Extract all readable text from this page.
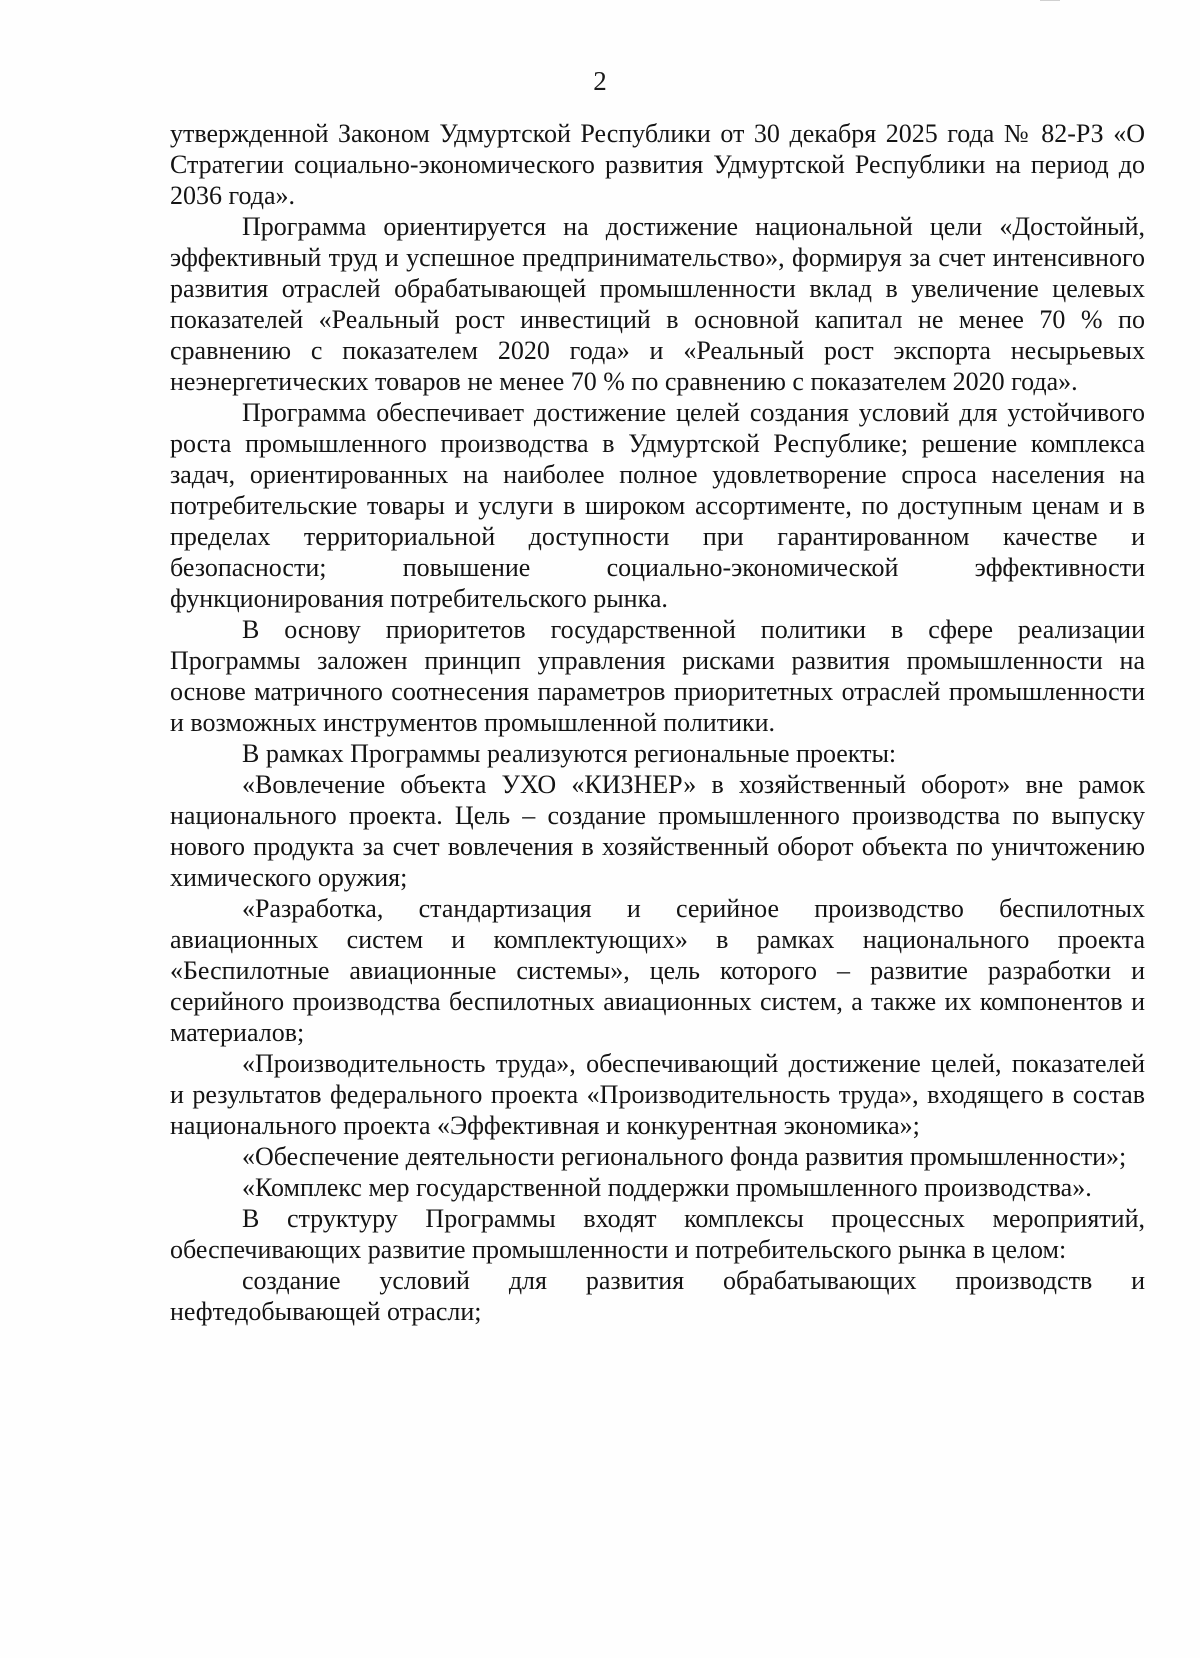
2

утвержденной Законом Удмуртской Республики от 30 декабря 2025 года № 82-РЗ «О Стратегии социально-экономического развития Удмуртской Республики на период до 2036 года».

Программа ориентируется на достижение национальной цели «Достойный, эффективный труд и успешное предпринимательство», формируя за счет интенсивного развития отраслей обрабатывающей промышленности вклад в увеличение целевых показателей «Реальный рост инвестиций в основной капитал не менее 70 % по сравнению с показателем 2020 года» и «Реальный рост экспорта несырьевых неэнергетических товаров не менее 70 % по сравнению с показателем 2020 года».

Программа обеспечивает достижение целей создания условий для устойчивого роста промышленного производства в Удмуртской Республике; решение комплекса задач, ориентированных на наиболее полное удовлетворение спроса населения на потребительские товары и услуги в широком ассортименте, по доступным ценам и в пределах территориальной доступности при гарантированном качестве и безопасности; повышение социально-экономической эффективности функционирования потребительского рынка.

В основу приоритетов государственной политики в сфере реализации Программы заложен принцип управления рисками развития промышленности на основе матричного соотнесения параметров приоритетных отраслей промышленности и возможных инструментов промышленной политики.

В рамках Программы реализуются региональные проекты:

«Вовлечение объекта УХО «КИЗНЕР» в хозяйственный оборот» вне рамок национального проекта. Цель – создание промышленного производства по выпуску нового продукта за счет вовлечения в хозяйственный оборот объекта по уничтожению химического оружия;

«Разработка, стандартизация и серийное производство беспилотных авиационных систем и комплектующих» в рамках национального проекта «Беспилотные авиационные системы», цель которого – развитие разработки и серийного производства беспилотных авиационных систем, а также их компонентов и материалов;

«Производительность труда», обеспечивающий достижение целей, показателей и результатов федерального проекта «Производительность труда», входящего в состав национального проекта «Эффективная и конкурентная экономика»;

«Обеспечение деятельности регионального фонда развития промышленности»;

«Комплекс мер государственной поддержки промышленного производства».

В структуру Программы входят комплексы процессных мероприятий, обеспечивающих развитие промышленности и потребительского рынка в целом:

создание условий для развития обрабатывающих производств и нефтедобывающей отрасли;
